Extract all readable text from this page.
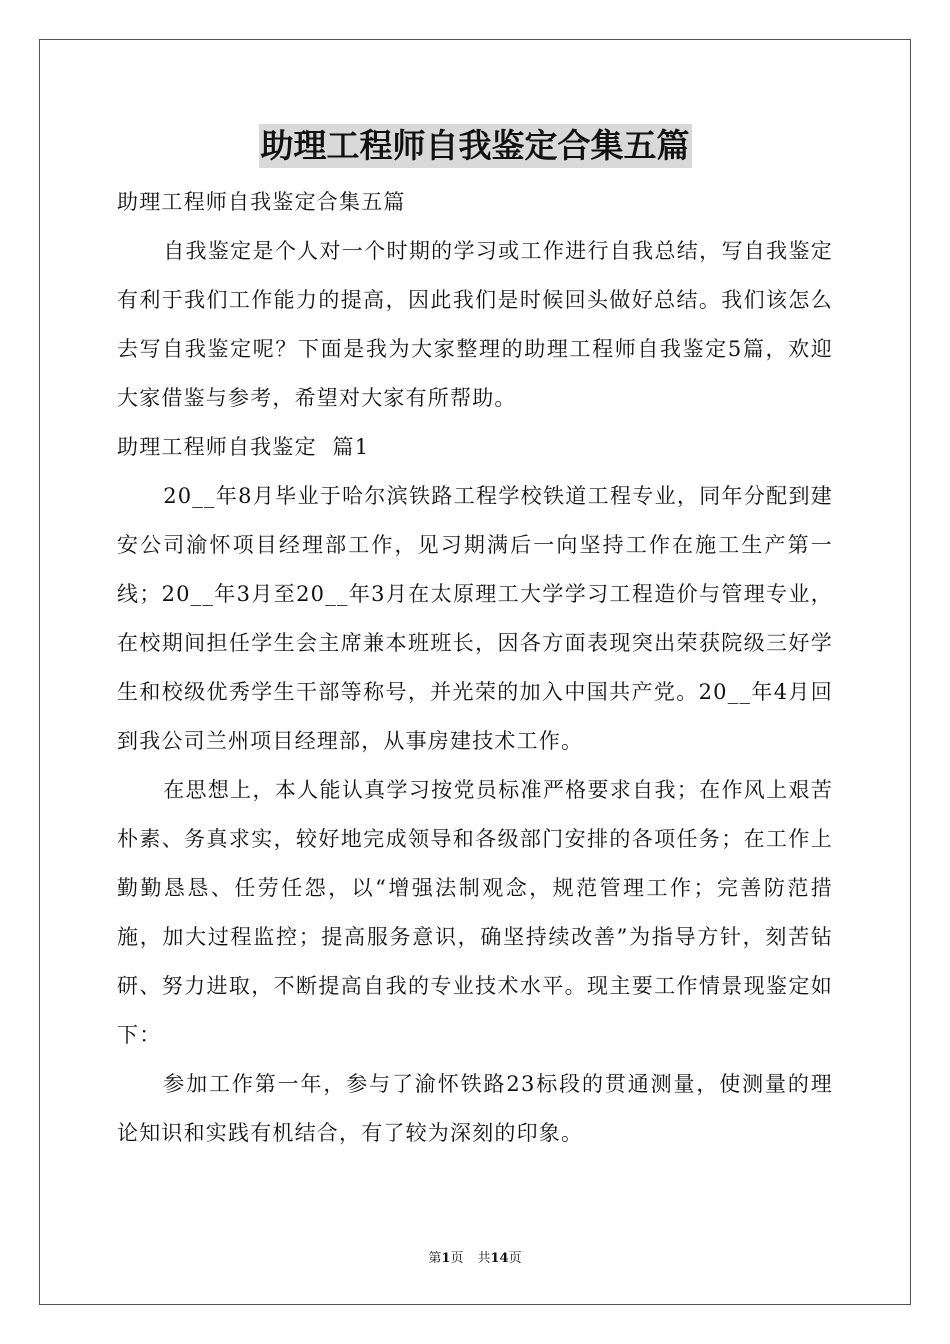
助理工程师自我鉴定合集五篇

助理工程师自我鉴定合集五篇

自我鉴定是个人对一个时期的学习或工作进行自我总结，写自我鉴定有利于我们工作能力的提高，因此我们是时候回头做好总结。我们该怎么去写自我鉴定呢？下面是我为大家整理的助理工程师自我鉴定5篇，欢迎大家借鉴与参考，希望对大家有所帮助。

助理工程师自我鉴定  篇1

20__年8月毕业于哈尔滨铁路工程学校铁道工程专业，同年分配到建安公司渝怀项目经理部工作，见习期满后一向坚持工作在施工生产第一线；20__年3月至20__年3月在太原理工大学学习工程造价与管理专业，在校期间担任学生会主席兼本班班长，因各方面表现突出荣获院级三好学生和校级优秀学生干部等称号，并光荣的加入中国共产党。20__年4月回到我公司兰州项目经理部，从事房建技术工作。

在思想上，本人能认真学习按党员标准严格要求自我；在作风上艰苦朴素、务真求实，较好地完成领导和各级部门安排的各项任务；在工作上勤勤恳恳、任劳任怨，以“增强法制观念，规范管理工作；完善防范措施，加大过程监控；提高服务意识，确坚持续改善”为指导方针，刻苦钻研、努力进取，不断提高自我的专业技术水平。现主要工作情景现鉴定如下：

参加工作第一年，参与了渝怀铁路23标段的贯通测量，使测量的理论知识和实践有机结合，有了较为深刻的印象。

第1页 共14页
